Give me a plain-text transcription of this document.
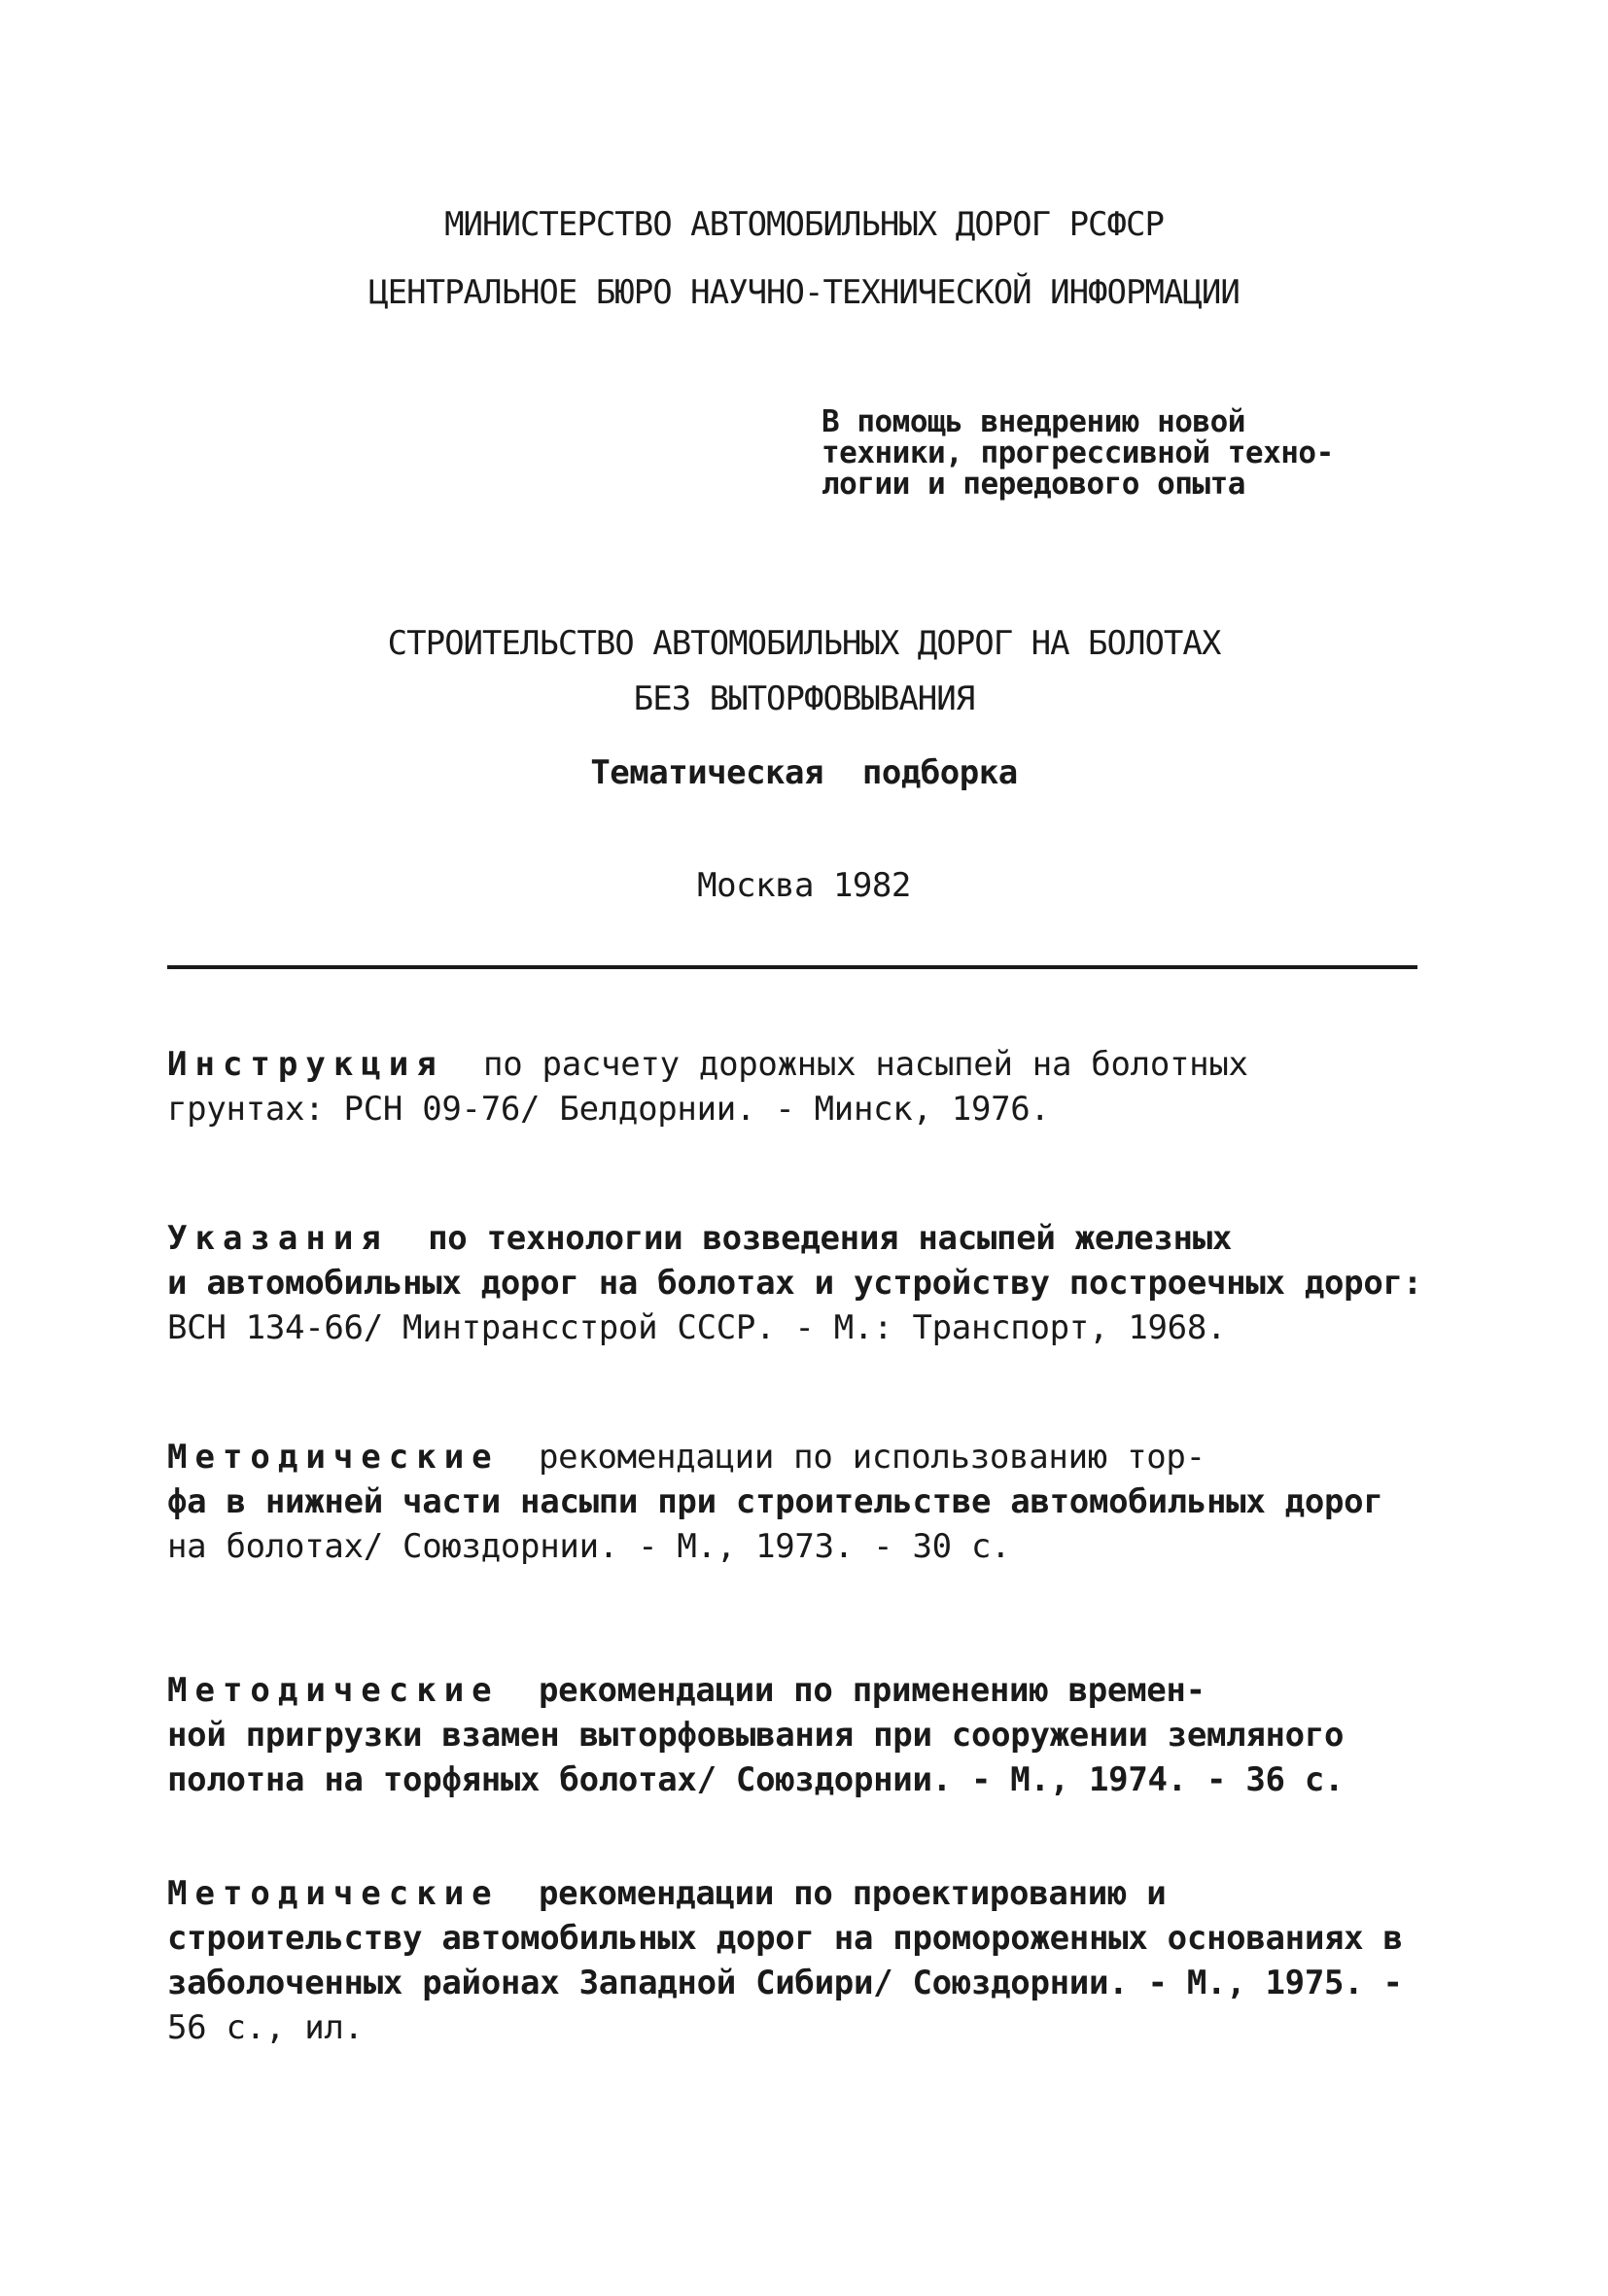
МИНИСТЕРСТВО АВТОМОБИЛЬНЫХ ДОРОГ РСФСР
ЦЕНТРАЛЬНОЕ БЮРО НАУЧНО-ТЕХНИЧЕСКОЙ ИНФОРМАЦИИ
В помощь внедрению новой
техники, прогрессивной техно-
логии и передового опыта
СТРОИТЕЛЬСТВО АВТОМОБИЛЬНЫХ ДОРОГ НА БОЛОТАХ
БЕЗ ВЫТОРФОВЫВАНИЯ
Тематическая  подборка
Москва 1982
Инструкция  по расчету дорожных насыпей на болотных
грунтах: РСН 09-76/ Белдорнии. - Минск, 1976.
Указания  по технологии возведения насыпей железных
и автомобильных дорог на болотах и устройству построечных дорог:
ВСН 134-66/ Минтрансстрой СССР. - М.: Транспорт, 1968.
Методические  рекомендации по использованию тор-
фа в нижней части насыпи при строительстве автомобильных дорог
на болотах/ Союздорнии. - М., 1973. - 30 с.
Методические  рекомендации по применению времен-
ной пригрузки взамен выторфовывания при сооружении земляного
полотна на торфяных болотах/ Союздорнии. - М., 1974. - 36 с.
Методические  рекомендации по проектированию и
строительству автомобильных дорог на промороженных основаниях в
заболоченных районах Западной Сибири/ Союздорнии. - М., 1975. -
56 с., ил.
